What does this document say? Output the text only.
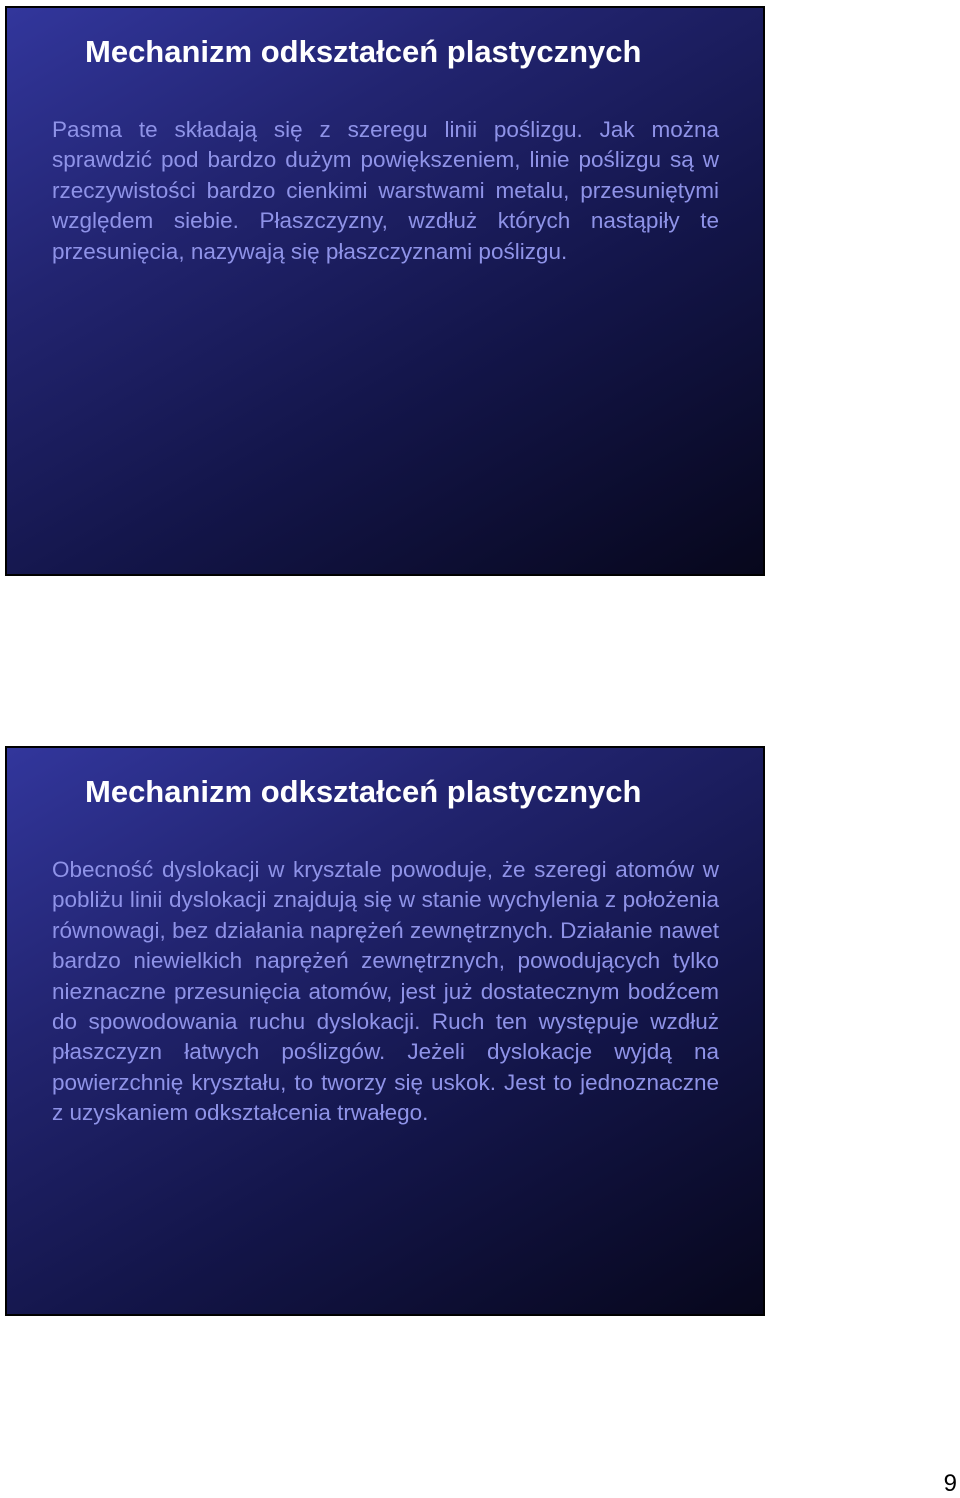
Mechanizm odkształceń plastycznych

Pasma te składają się z szeregu linii poślizgu. Jak można sprawdzić pod bardzo dużym powiększeniem, linie poślizgu są w rzeczywistości bardzo cienkimi warstwami metalu, przesuniętymi względem siebie. Płaszczyzny, wzdłuż których nastąpiły te przesunięcia, nazywają się płaszczyznami poślizgu.

Mechanizm odkształceń plastycznych

Obecność dyslokacji w krysztale powoduje, że szeregi atomów w pobliżu linii dyslokacji znajdują się w stanie wychylenia z położenia równowagi, bez działania naprężeń zewnętrznych. Działanie nawet bardzo niewielkich naprężeń zewnętrznych, powodujących tylko nieznaczne przesunięcia atomów, jest już dostatecznym bodźcem do spowodowania ruchu dyslokacji. Ruch ten występuje wzdłuż płaszczyzn łatwych poślizgów. Jeżeli dyslokacje wyjdą na powierzchnię kryształu, to tworzy się uskok. Jest to jednoznaczne z uzyskaniem odkształcenia trwałego.

9
